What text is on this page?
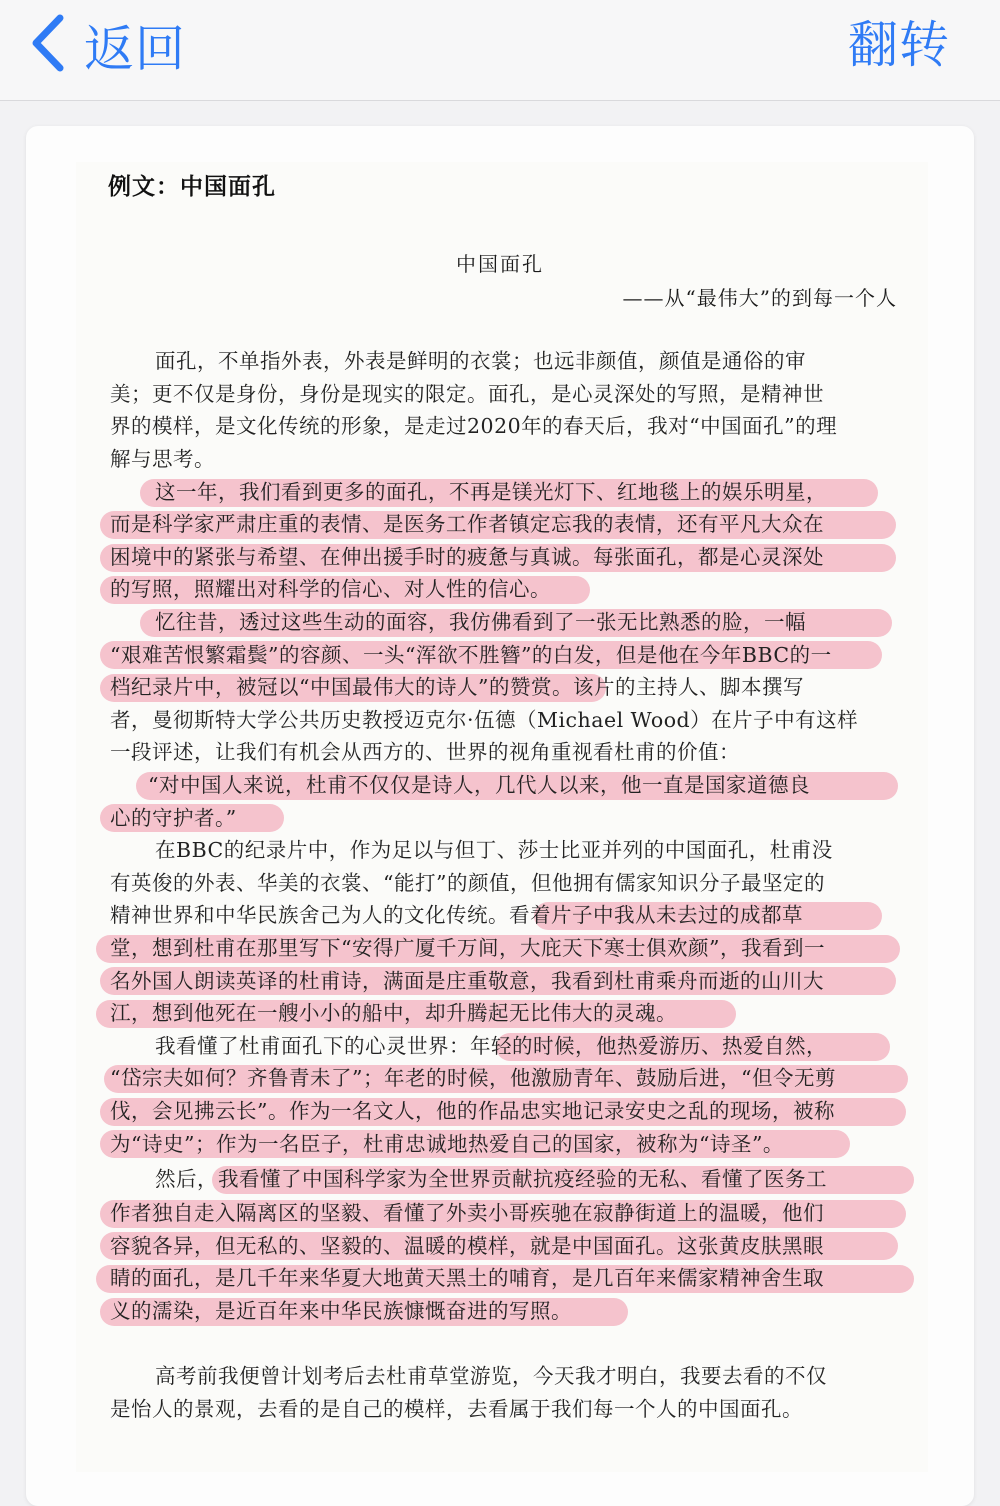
返回	翻转
例文：中国面孔
中国面孔
——从“最伟大”的到每一个人
面孔，不单指外表，外表是鲜明的衣裳；也远非颜值，颜值是通俗的审
美；更不仅是身份，身份是现实的限定。面孔，是心灵深处的写照，是精神世
界的模样，是文化传统的形象，是走过2020年的春天后，我对“中国面孔”的理
解与思考。
这一年，我们看到更多的面孔，不再是镁光灯下、红地毯上的娱乐明星，
而是科学家严肃庄重的表情、是医务工作者镇定忘我的表情，还有平凡大众在
困境中的紧张与希望、在伸出援手时的疲惫与真诚。每张面孔，都是心灵深处
的写照，照耀出对科学的信心、对人性的信心。
忆往昔，透过这些生动的面容，我仿佛看到了一张无比熟悉的脸，一幅
“艰难苦恨繁霜鬓”的容颜、一头“浑欲不胜簪”的白发，但是他在今年BBC的一
档纪录片中，被冠以“中国最伟大的诗人”的赞赏。该片的主持人、脚本撰写
者，曼彻斯特大学公共历史教授迈克尔·伍德（Michael Wood）在片子中有这样
一段评述，让我们有机会从西方的、世界的视角重视看杜甫的价值：
“对中国人来说，杜甫不仅仅是诗人，几代人以来，他一直是国家道德良
心的守护者。”
在BBC的纪录片中，作为足以与但丁、莎士比亚并列的中国面孔，杜甫没
有英俊的外表、华美的衣裳、“能打”的颜值，但他拥有儒家知识分子最坚定的
精神世界和中华民族舍己为人的文化传统。看着片子中我从未去过的成都草
堂，想到杜甫在那里写下“安得广厦千万间，大庇天下寒士俱欢颜”，我看到一
名外国人朗读英译的杜甫诗，满面是庄重敬意，我看到杜甫乘舟而逝的山川大
江，想到他死在一艘小小的船中，却升腾起无比伟大的灵魂。
我看懂了杜甫面孔下的心灵世界：年轻的时候，他热爱游历、热爱自然，
“岱宗夫如何？齐鲁青未了”；年老的时候，他激励青年、鼓励后进，“但令无剪
伐，会见拂云长”。作为一名文人，他的作品忠实地记录安史之乱的现场，被称
为“诗史”；作为一名臣子，杜甫忠诚地热爱自己的国家，被称为“诗圣”。
然后，我看懂了中国科学家为全世界贡献抗疫经验的无私、看懂了医务工
作者独自走入隔离区的坚毅、看懂了外卖小哥疾驰在寂静街道上的温暖，他们
容貌各异，但无私的、坚毅的、温暖的模样，就是中国面孔。这张黄皮肤黑眼
睛的面孔，是几千年来华夏大地黄天黑土的哺育，是几百年来儒家精神舍生取
义的濡染，是近百年来中华民族慷慨奋进的写照。
高考前我便曾计划考后去杜甫草堂游览，今天我才明白，我要去看的不仅
是怡人的景观，去看的是自己的模样，去看属于我们每一个人的中国面孔。
